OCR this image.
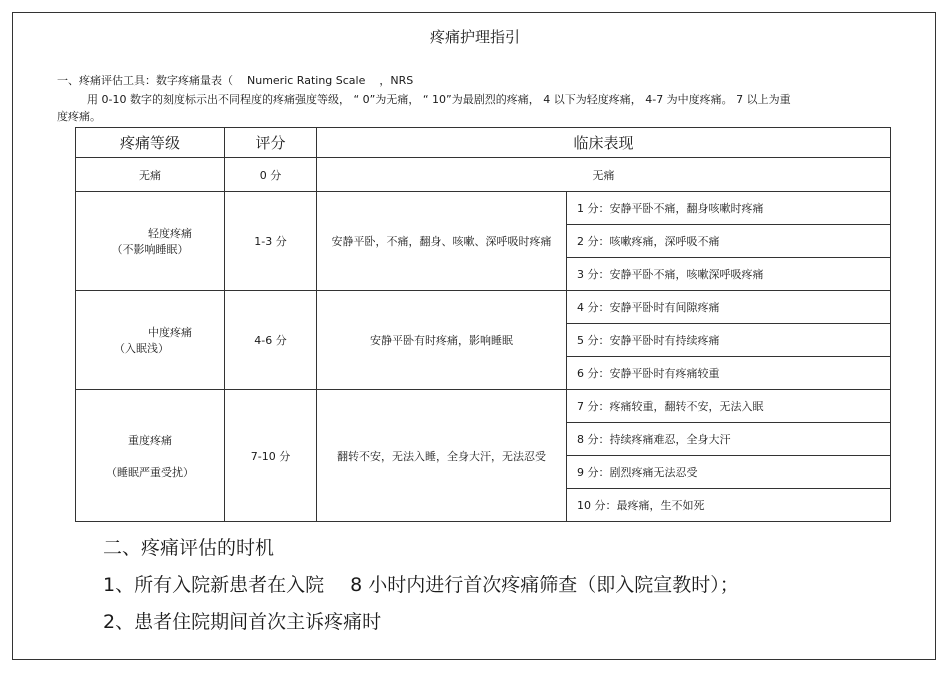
疼痛护理指引
一、疼痛评估工具：数字疼痛量表（ Numeric Rating Scale ，NRS
用 0-10 数字的刻度标示出不同程度的疼痛强度等级， “ 0”为无痛， “ 10”为最剧烈的疼痛， 4 以下为轻度疼痛， 4-7 为中度疼痛。 7 以上为重
度疼痛。
疼痛等级	评分	临床表现	
无痛	0 分	无痛	

轻度疼痛
（不影响睡眠）	1-3 分	安静平卧，不痛，翻身、咳嗽、深呼吸时疼痛	1 分：安静平卧不痛，翻身咳嗽时疼痛
			2 分：咳嗽疼痛，深呼吸不痛
			3 分：安静平卧不痛，咳嗽深呼吸疼痛

中度疼痛
（入眠浅）	4-6 分	安静平卧有时疼痛，影响睡眠	4 分：安静平卧时有间隙疼痛
			5 分：安静平卧时有持续疼痛
			6 分：安静平卧时有疼痛较重

重度疼痛
（睡眠严重受扰）	7-10 分	翻转不安，无法入睡，全身大汗，无法忍受	7 分：疼痛较重，翻转不安，无法入眠
			8 分：持续疼痛难忍，全身大汗
			9 分：剧烈疼痛无法忍受
			10 分：最疼痛，生不如死
二、疼痛评估的时机
1、所有入院新患者在入院 8 小时内进行首次疼痛筛查（即入院宣教时）；
2、患者住院期间首次主诉疼痛时
